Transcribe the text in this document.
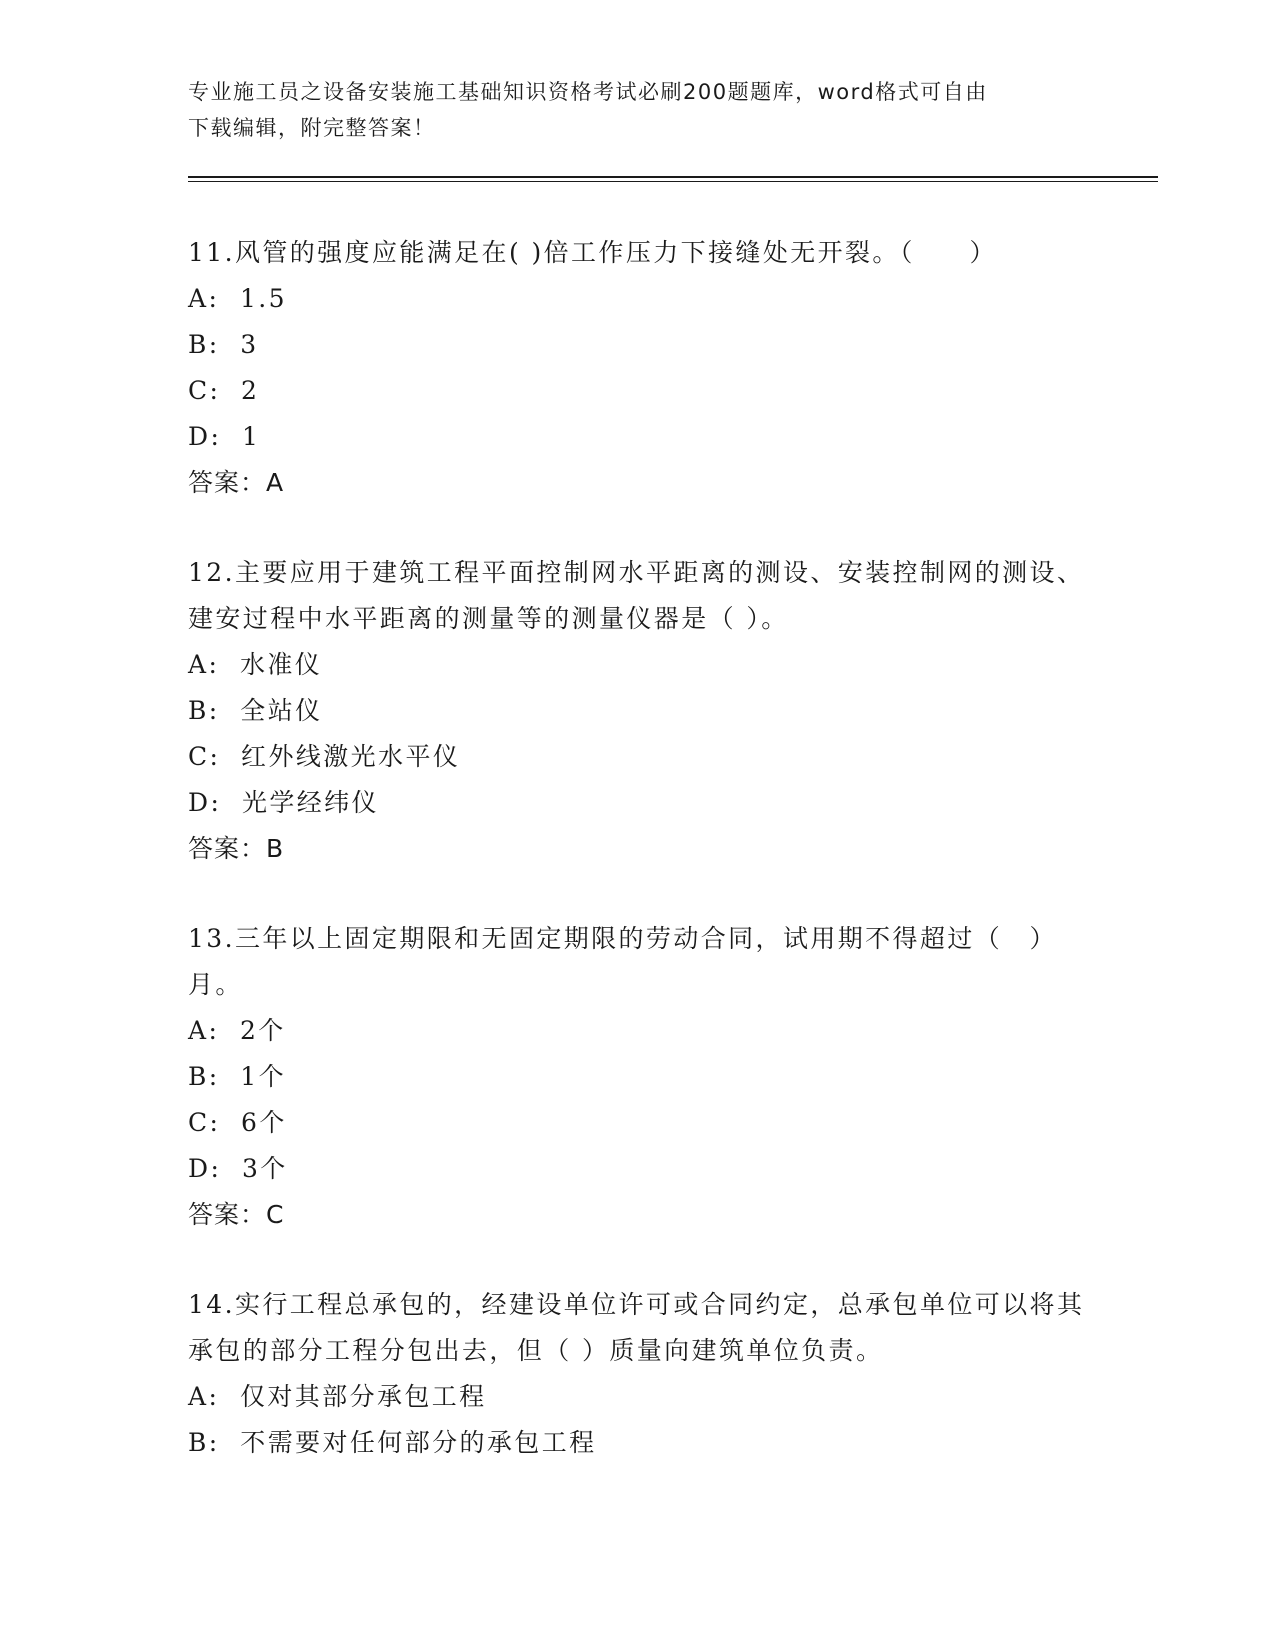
专业施工员之设备安装施工基础知识资格考试必刷200题题库，word格式可自由
下载编辑，附完整答案！
11.风管的强度应能满足在( )倍工作压力下接缝处无开裂。（　　）
A:  1.5
B:  3
C:  2
D:  1
答案：A
12.主要应用于建筑工程平面控制网水平距离的测设、安装控制网的测设、建安过程中水平距离的测量等的测量仪器是（ ）。
A:  水准仪
B:  全站仪
C:  红外线激光水平仪
D:  光学经纬仪
答案：B
13.三年以上固定期限和无固定期限的劳动合同，试用期不得超过（　）月。
A:  2个
B:  1个
C:  6个
D:  3个
答案：C
14.实行工程总承包的，经建设单位许可或合同约定，总承包单位可以将其承包的部分工程分包出去，但（ ）质量向建筑单位负责。
A:  仅对其部分承包工程
B:  不需要对任何部分的承包工程
